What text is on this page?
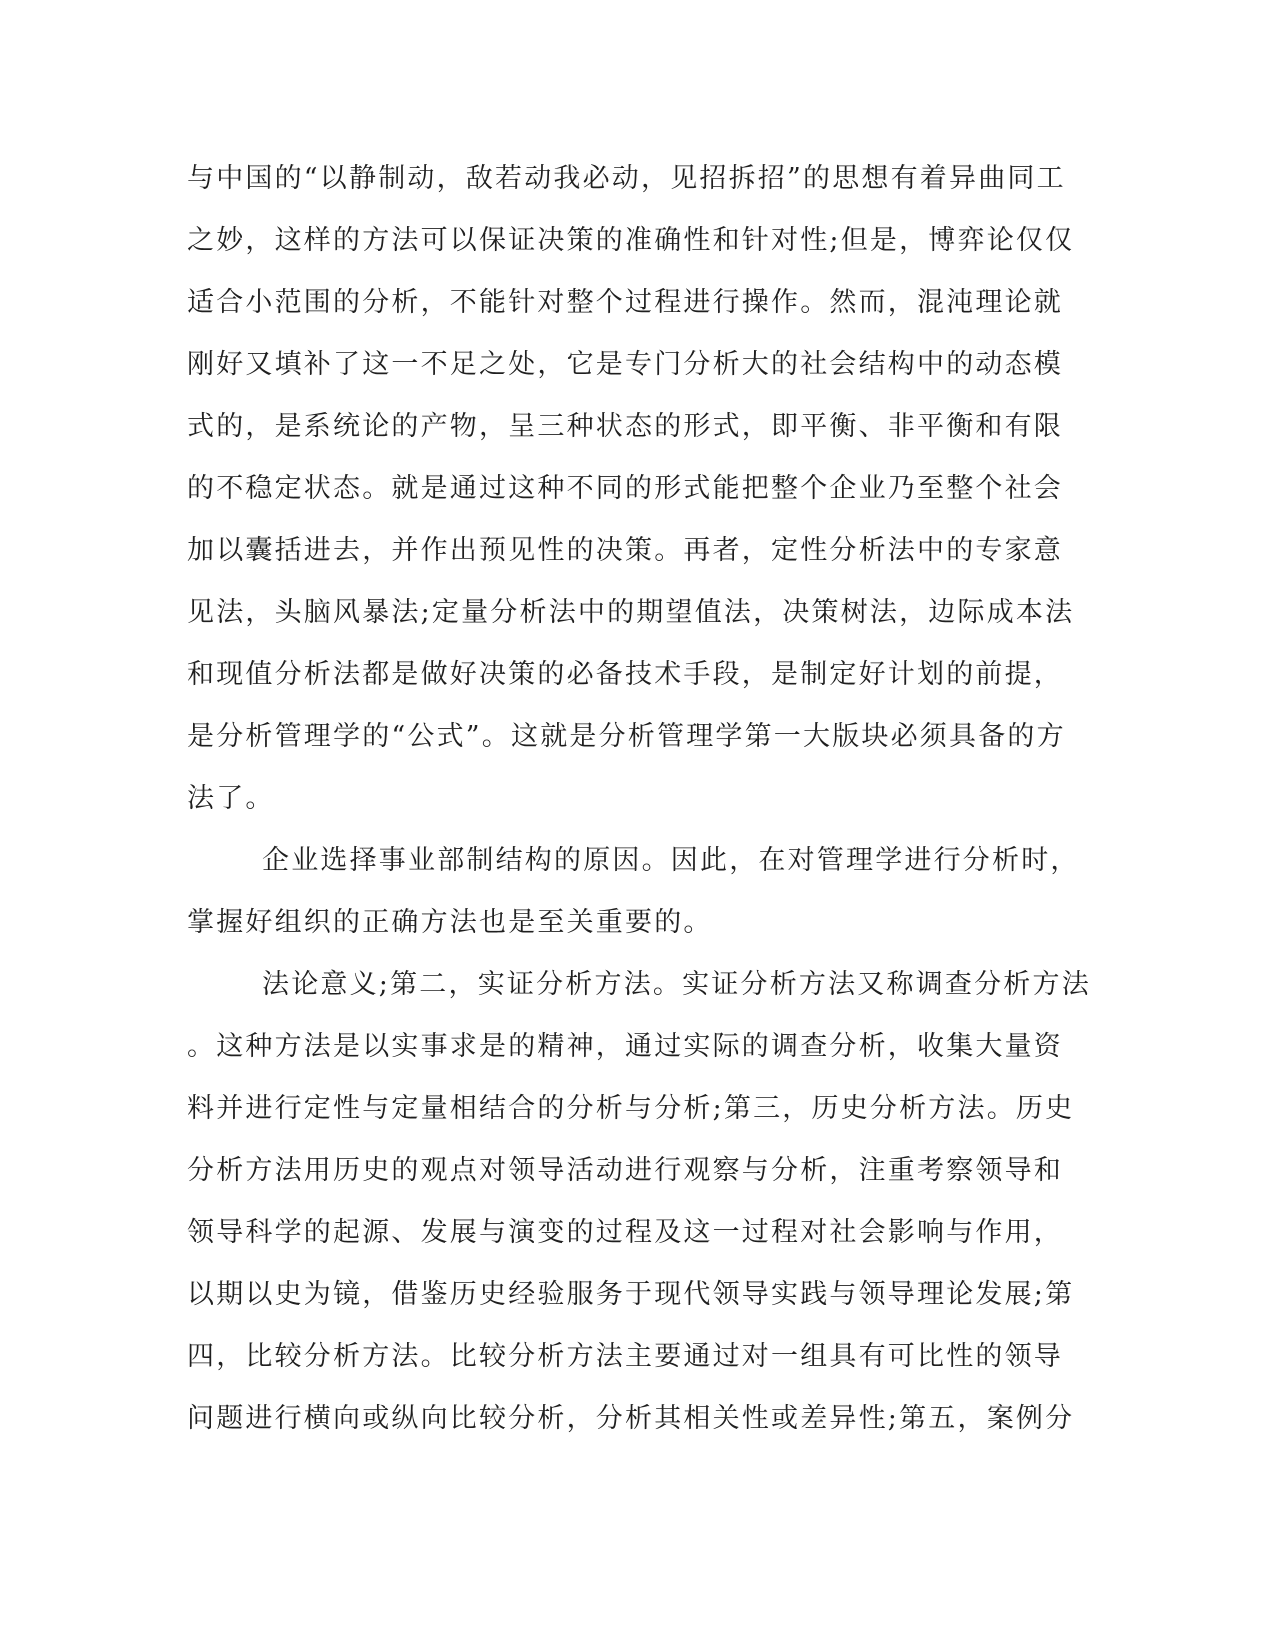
与中国的“以静制动，敌若动我必动，见招拆招”的思想有着异曲同工
之妙，这样的方法可以保证决策的准确性和针对性;但是，博弈论仅仅
适合小范围的分析，不能针对整个过程进行操作。然而，混沌理论就
刚好又填补了这一不足之处，它是专门分析大的社会结构中的动态模
式的，是系统论的产物，呈三种状态的形式，即平衡、非平衡和有限
的不稳定状态。就是通过这种不同的形式能把整个企业乃至整个社会
加以囊括进去，并作出预见性的决策。再者，定性分析法中的专家意
见法，头脑风暴法;定量分析法中的期望值法，决策树法，边际成本法
和现值分析法都是做好决策的必备技术手段，是制定好计划的前提，
是分析管理学的“公式”。这就是分析管理学第一大版块必须具备的方
法了。
企业选择事业部制结构的原因。因此，在对管理学进行分析时，
掌握好组织的正确方法也是至关重要的。
法论意义;第二，实证分析方法。实证分析方法又称调查分析方法
。这种方法是以实事求是的精神，通过实际的调查分析，收集大量资
料并进行定性与定量相结合的分析与分析;第三，历史分析方法。历史
分析方法用历史的观点对领导活动进行观察与分析，注重考察领导和
领导科学的起源、发展与演变的过程及这一过程对社会影响与作用，
以期以史为镜，借鉴历史经验服务于现代领导实践与领导理论发展;第
四，比较分析方法。比较分析方法主要通过对一组具有可比性的领导
问题进行横向或纵向比较分析，分析其相关性或差异性;第五，案例分
